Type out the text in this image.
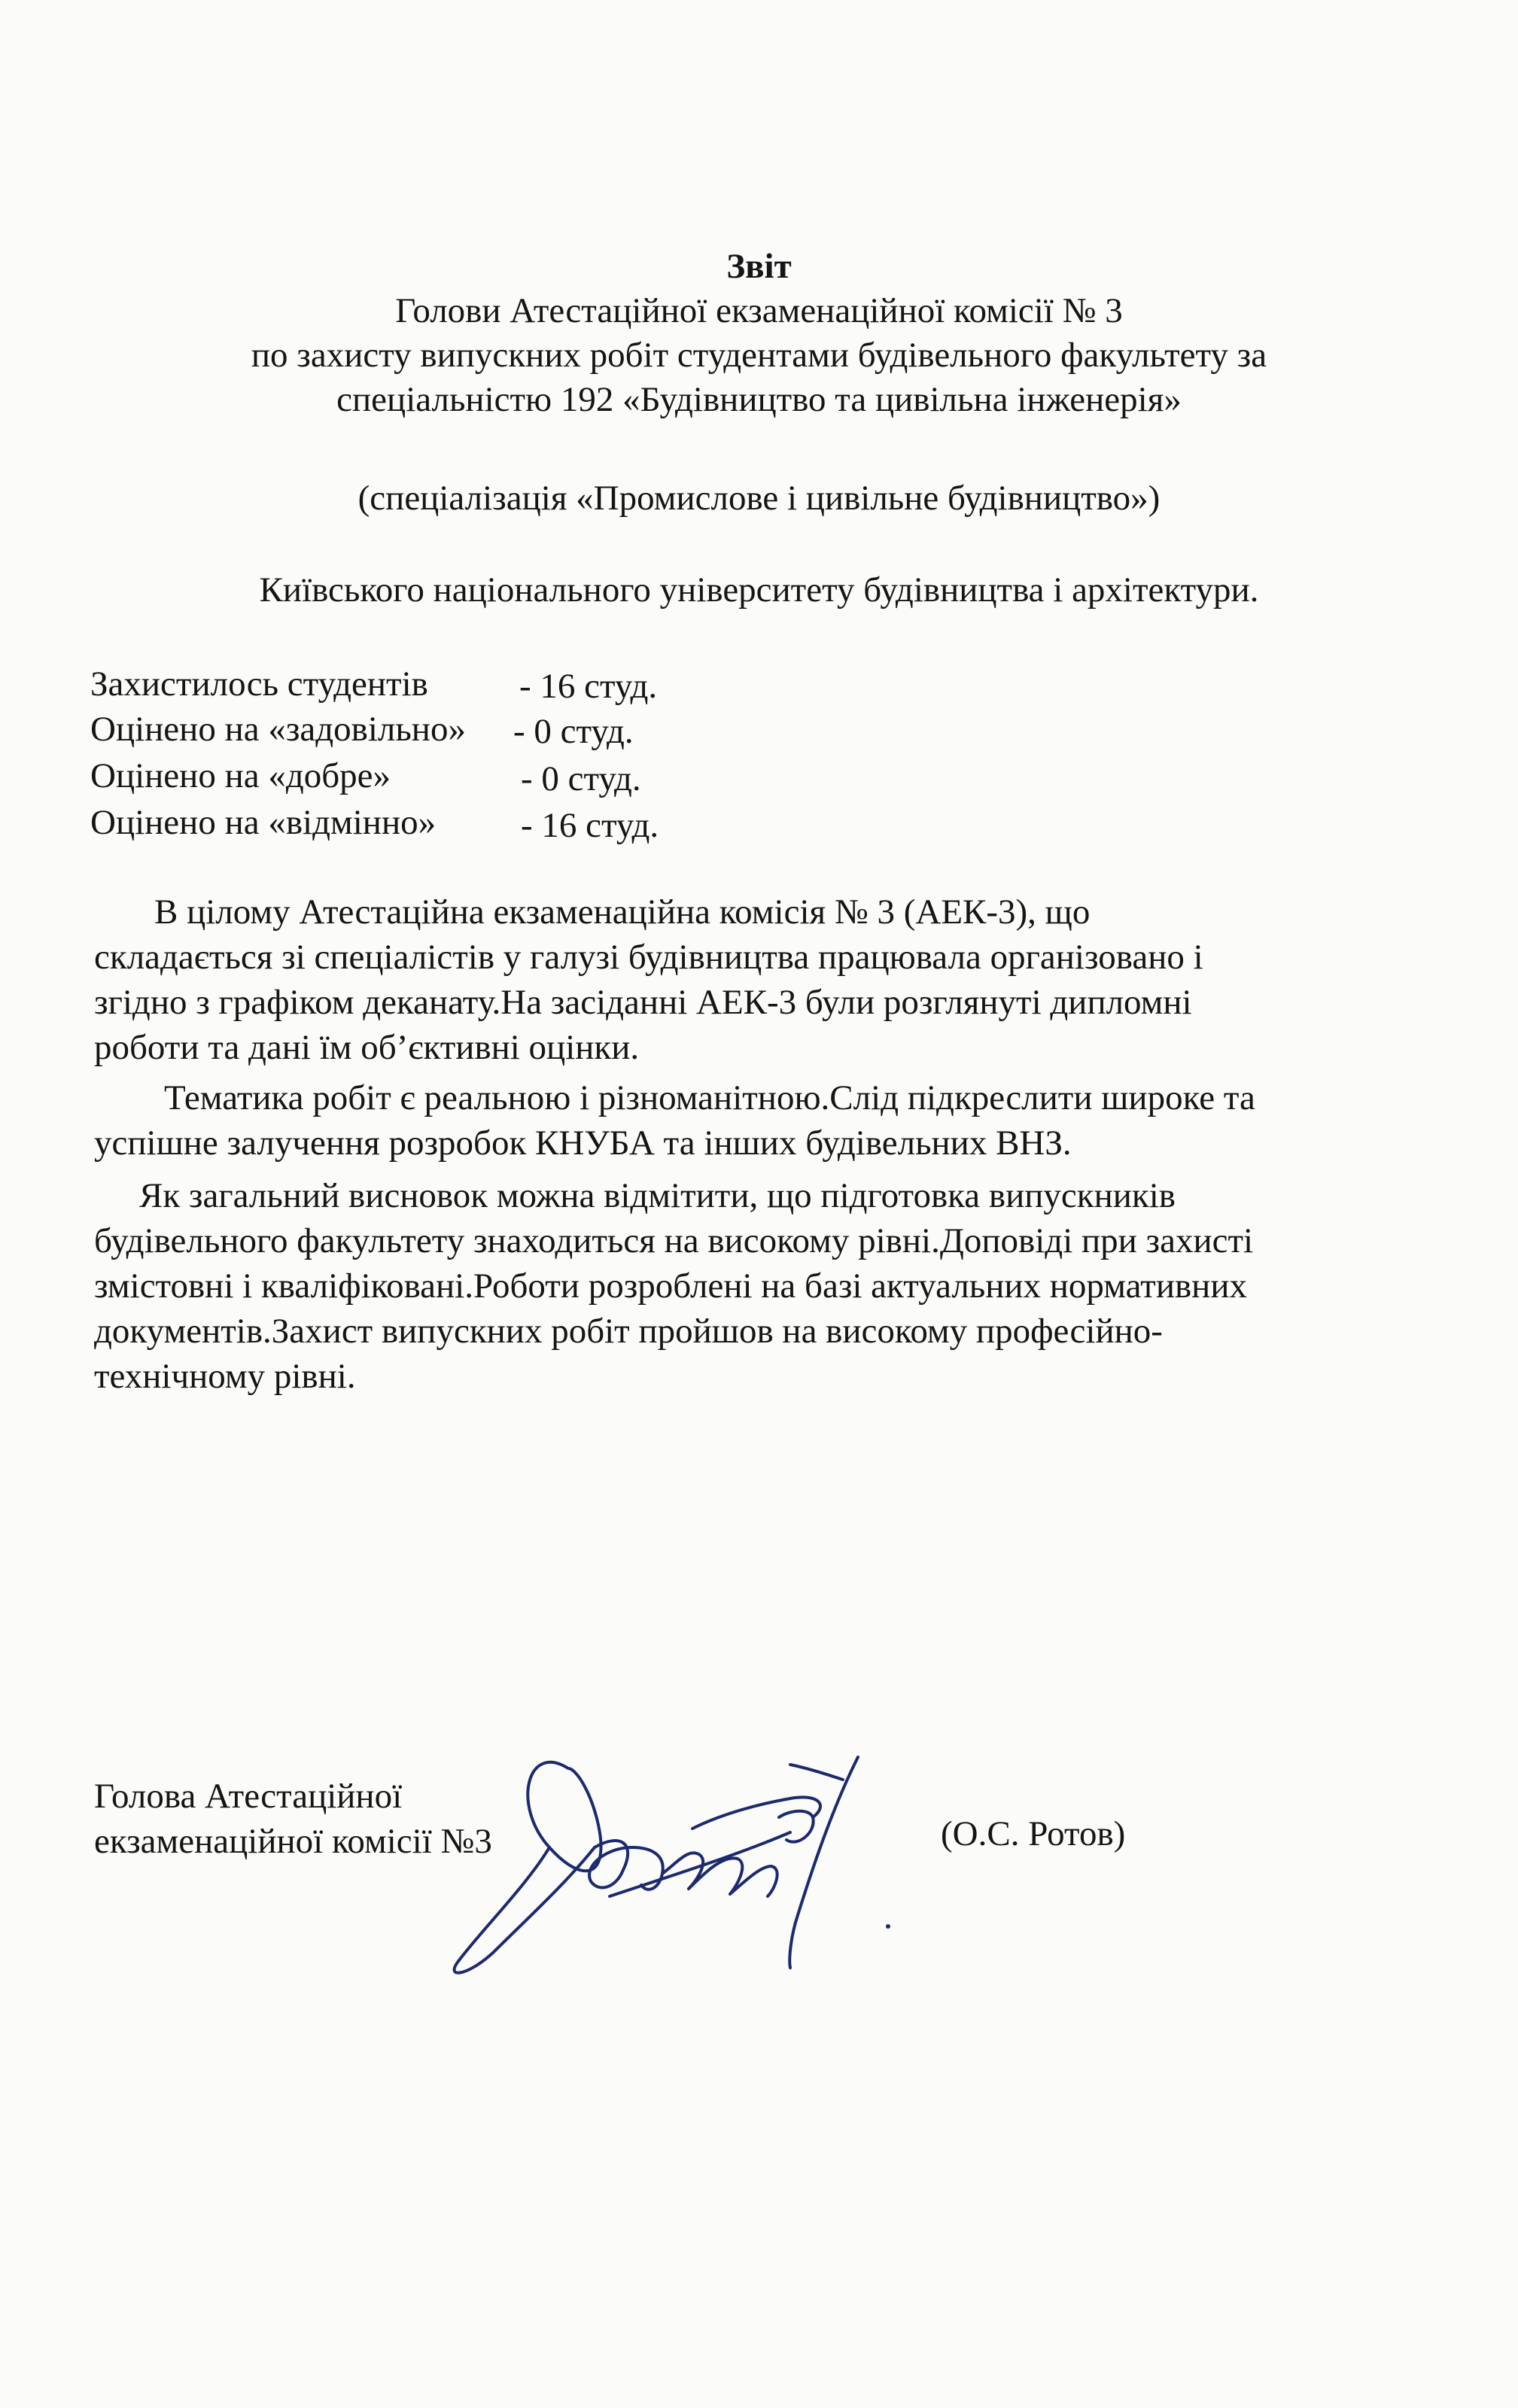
Звіт
Голови Атестаційної екзаменаційної комісії № 3
по захисту випускних робіт студентами будівельного факультету за
спеціальністю 192 «Будівництво та цивільна інженерія»
(спеціалізація «Промислове і цивільне будівництво»)
Київського національного університету будівництва і архітектури.
Захистилось студентів	- 16 студ.
Оцінено на «задовільно» - 0 студ.
Оцінено на «добре»	- 0 студ.
Оцінено на «відмінно» - 16 студ.
В цілому Атестаційна екзаменаційна комісія № 3 (АЕК-3), що
складається зі спеціалістів у галузі будівництва працювала організовано і
згідно з графіком деканату.На засіданні АЕК-3 були розглянуті дипломні
роботи та дані їм об’єктивні оцінки.
Тематика робіт є реальною і різноманітною.Слід підкреслити широке та
успішне залучення розробок КНУБА та інших будівельних ВНЗ.
Як загальний висновок можна відмітити, що підготовка випускників
будівельного факультету знаходиться на високому рівні.Доповіді при захисті
змістовні і кваліфіковані.Роботи розроблені на базі актуальних нормативних
документів.Захист випускних робіт пройшов на високому професійно-
технічному рівні.
Голова Атестаційної
екзаменаційної комісії №3	(О.С. Ротов)
